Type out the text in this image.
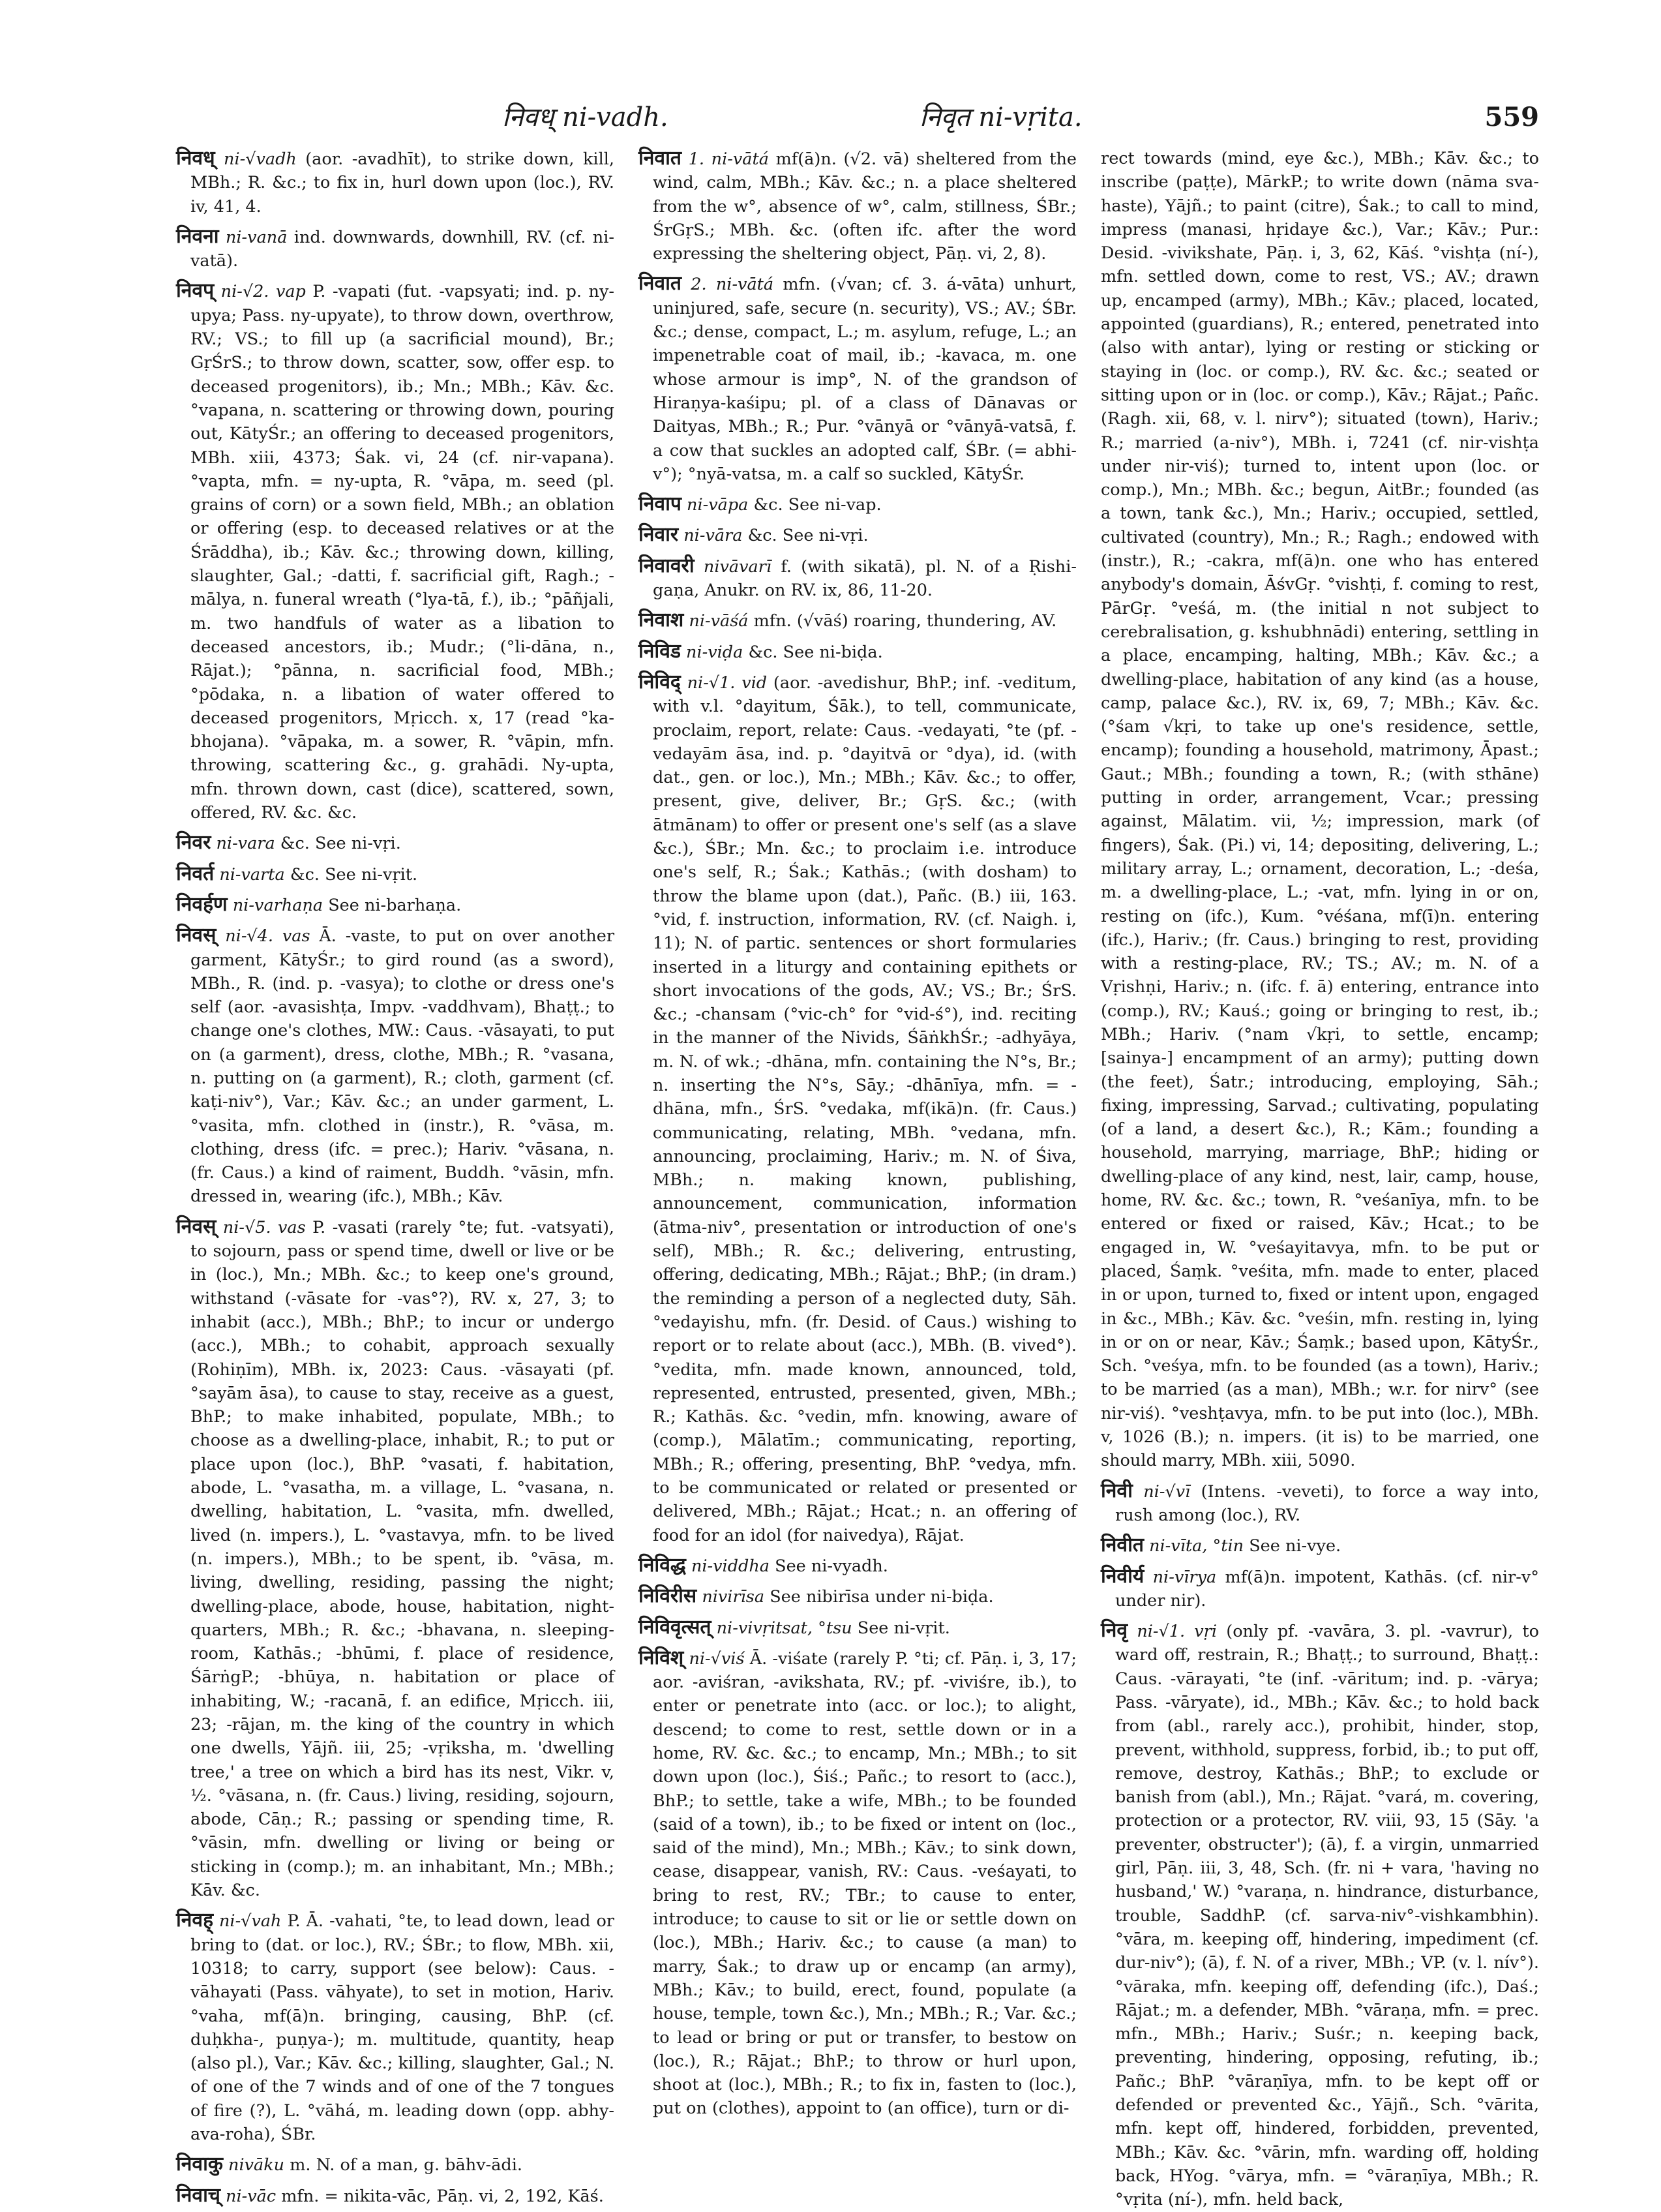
निवध् ni-vadh.	निवृत ni-vṛita.	559

निवध् ni-√vadh (aor. -avadhīt), to strike down, kill, MBh.; R. &c.; to fix in, hurl down upon (loc.), RV. iv, 41, 4.

निवना ni-vanā ind. downwards, downhill, RV. (cf. ni-vatā).

निवप् ni-√2. vap P. -vapati (fut. -vapsyati; ind. p. ny-upya; Pass. ny-upyate), to throw down, overthrow, RV.; VS.; to fill up (a sacrificial mound), Br.; GṛŚrS.; to throw down, scatter, sow, offer esp. to deceased progenitors), ib.; Mn.; MBh.; Kāv. &c. °vapana, n. scattering or throwing down, pouring out, KātyŚr.; an offering to deceased progenitors, MBh. xiii, 4373; Śak. vi, 24 (cf. nir-vapana). °vapta, mfn. = ny-upta, R. °vāpa, m. seed (pl. grains of corn) or a sown field, MBh.; an oblation or offering (esp. to deceased relatives or at the Śrāddha), ib.; Kāv. &c.; throwing down, killing, slaughter, Gal.; -datti, f. sacrificial gift, Ragh.; -mālya, n. funeral wreath (°lya-tā, f.), ib.; °pāñjali, m. two handfuls of water as a libation to deceased ancestors, ib.; Mudr.; (°li-dāna, n., Rājat.); °pānna, n. sacrificial food, MBh.; °pōdaka, n. a libation of water offered to deceased progenitors, Mṛicch. x, 17 (read °ka-bhojana). °vāpaka, m. a sower, R. °vāpin, mfn. throwing, scattering &c., g. grahādi. Ny-upta, mfn. thrown down, cast (dice), scattered, sown, offered, RV. &c. &c.

निवर ni-vara &c. See ni-vṛi.

निवर्त ni-varta &c. See ni-vṛit.

निवर्हण ni-varhaṇa See ni-barhaṇa.

निवस् ni-√4. vas Ā. -vaste, to put on over another garment, KātyŚr.; to gird round (as a sword), MBh., R. (ind. p. -vasya); to clothe or dress one's self (aor. -avasishṭa, Impv. -vaddhvam), Bhaṭṭ.; to change one's clothes, MW.: Caus. -vāsayati, to put on (a garment), dress, clothe, MBh.; R. °vasana, n. putting on (a garment), R.; cloth, garment (cf. kaṭi-niv°), Var.; Kāv. &c.; an under garment, L. °vasita, mfn. clothed in (instr.), R. °vāsa, m. clothing, dress (ifc. = prec.); Hariv. °vāsana, n. (fr. Caus.) a kind of raiment, Buddh. °vāsin, mfn. dressed in, wearing (ifc.), MBh.; Kāv.

निवस् ni-√5. vas P. -vasati (rarely °te; fut. -vatsyati), to sojourn, pass or spend time, dwell or live or be in (loc.), Mn.; MBh. &c.; to keep one's ground, withstand (-vāsate for -vas°?), RV. x, 27, 3; to inhabit (acc.), MBh.; BhP.; to incur or undergo (acc.), MBh.; to cohabit, approach sexually (Rohiṇīm), MBh. ix, 2023: Caus. -vāsayati (pf. °sayām āsa), to cause to stay, receive as a guest, BhP.; to make inhabited, populate, MBh.; to choose as a dwelling-place, inhabit, R.; to put or place upon (loc.), BhP. °vasati, f. habitation, abode, L. °vasatha, m. a village, L. °vasana, n. dwelling, habitation, L. °vasita, mfn. dwelled, lived (n. impers.), L. °vastavya, mfn. to be lived (n. impers.), MBh.; to be spent, ib. °vāsa, m. living, dwelling, residing, passing the night; dwelling-place, abode, house, habitation, night-quarters, MBh.; R. &c.; -bhavana, n. sleeping-room, Kathās.; -bhūmi, f. place of residence, ŚārṅgP.; -bhūya, n. habitation or place of inhabiting, W.; -racanā, f. an edifice, Mṛicch. iii, 23; -rājan, m. the king of the country in which one dwells, Yājñ. iii, 25; -vṛiksha, m. 'dwelling tree,' a tree on which a bird has its nest, Vikr. v, ½. °vāsana, n. (fr. Caus.) living, residing, sojourn, abode, Cāṇ.; R.; passing or spending time, R. °vāsin, mfn. dwelling or living or being or sticking in (comp.); m. an inhabitant, Mn.; MBh.; Kāv. &c.

निवह् ni-√vah P. Ā. -vahati, °te, to lead down, lead or bring to (dat. or loc.), RV.; ŚBr.; to flow, MBh. xii, 10318; to carry, support (see below): Caus. -vāhayati (Pass. vāhyate), to set in motion, Hariv. °vaha, mf(ā)n. bringing, causing, BhP. (cf. duḥkha-, puṇya-); m. multitude, quantity, heap (also pl.), Var.; Kāv. &c.; killing, slaughter, Gal.; N. of one of the 7 winds and of one of the 7 tongues of fire (?), L. °vāhá, m. leading down (opp. abhy-ava-roha), ŚBr.

निवाकु nivāku m. N. of a man, g. bāhv-ādi.

निवाच् ni-vāc mfn. = nikita-vāc, Pāṇ. vi, 2, 192, Kāś.

निवात 1. ni-vātá mf(ā)n. (√2. vā) sheltered from the wind, calm, MBh.; Kāv. &c.; n. a place sheltered from the w°, absence of w°, calm, stillness, ŚBr.; ŚrGṛS.; MBh. &c. (often ifc. after the word expressing the sheltering object, Pāṇ. vi, 2, 8).

निवात 2. ni-vātá mfn. (√van; cf. 3. á-vāta) unhurt, uninjured, safe, secure (n. security), VS.; AV.; ŚBr. &c.; dense, compact, L.; m. asylum, refuge, L.; an impenetrable coat of mail, ib.; -kavaca, m. one whose armour is imp°, N. of the grandson of Hiraṇya-kaśipu; pl. of a class of Dānavas or Daityas, MBh.; R.; Pur. °vānyā or °vānyā-vatsā, f. a cow that suckles an adopted calf, ŚBr. (= abhi-v°); °nyā-vatsa, m. a calf so suckled, KātyŚr.

निवाप ni-vāpa &c. See ni-vap.

निवार ni-vāra &c. See ni-vṛi.

निवावरी nivāvarī f. (with sikatā), pl. N. of a Ṛishi-gaṇa, Anukr. on RV. ix, 86, 11-20.

निवाश ni-vāśá mfn. (√vāś) roaring, thundering, AV.

निविड ni-viḍa &c. See ni-biḍa.

निविद् ni-√1. vid (aor. -avedishur, BhP.; inf. -veditum, with v.l. °dayitum, Śāk.), to tell, communicate, proclaim, report, relate: Caus. -vedayati, °te (pf. -vedayām āsa, ind. p. °dayitvā or °dya), id. (with dat., gen. or loc.), Mn.; MBh.; Kāv. &c.; to offer, present, give, deliver, Br.; GṛS. &c.; (with ātmānam) to offer or present one's self (as a slave &c.), ŚBr.; Mn. &c.; to proclaim i.e. introduce one's self, R.; Śak.; Kathās.; (with dosham) to throw the blame upon (dat.), Pañc. (B.) iii, 163. °vid, f. instruction, information, RV. (cf. Naigh. i, 11); N. of partic. sentences or short formularies inserted in a liturgy and containing epithets or short invocations of the gods, AV.; VS.; Br.; ŚrS. &c.; -chansam (°vic-ch° for °vid-ś°), ind. reciting in the manner of the Nivids, ŚāṅkhŚr.; -adhyāya, m. N. of wk.; -dhāna, mfn. containing the N°s, Br.; n. inserting the N°s, Sāy.; -dhānīya, mfn. = -dhāna, mfn., ŚrS. °vedaka, mf(ikā)n. (fr. Caus.) communicating, relating, MBh. °vedana, mfn. announcing, proclaiming, Hariv.; m. N. of Śiva, MBh.; n. making known, publishing, announcement, communication, information (ātma-niv°, presentation or introduction of one's self), MBh.; R. &c.; delivering, entrusting, offering, dedicating, MBh.; Rājat.; BhP.; (in dram.) the reminding a person of a neglected duty, Sāh. °vedayishu, mfn. (fr. Desid. of Caus.) wishing to report or to relate about (acc.), MBh. (B. vived°). °vedita, mfn. made known, announced, told, represented, entrusted, presented, given, MBh.; R.; Kathās. &c. °vedin, mfn. knowing, aware of (comp.), Mālatīm.; communicating, reporting, MBh.; R.; offering, presenting, BhP. °vedya, mfn. to be communicated or related or presented or delivered, MBh.; Rājat.; Hcat.; n. an offering of food for an idol (for naivedya), Rājat.

निविद्ध ni-viddha See ni-vyadh.

निविरीस nivirīsa See nibirīsa under ni-biḍa.

निविवृत्सत् ni-vivṛitsat, °tsu See ni-vṛit.

निविश् ni-√viś Ā. -viśate (rarely P. °ti; cf. Pāṇ. i, 3, 17; aor. -aviśran, -avikshata, RV.; pf. -viviśre, ib.), to enter or penetrate into (acc. or loc.); to alight, descend; to come to rest, settle down or in a home, RV. &c. &c.; to encamp, Mn.; MBh.; to sit down upon (loc.), Śiś.; Pañc.; to resort to (acc.), BhP.; to settle, take a wife, MBh.; to be founded (said of a town), ib.; to be fixed or intent on (loc., said of the mind), Mn.; MBh.; Kāv.; to sink down, cease, disappear, vanish, RV.: Caus. -veśayati, to bring to rest, RV.; TBr.; to cause to enter, introduce; to cause to sit or lie or settle down on (loc.), MBh.; Hariv. &c.; to cause (a man) to marry, Śak.; to draw up or encamp (an army), MBh.; Kāv.; to build, erect, found, populate (a house, temple, town &c.), Mn.; MBh.; R.; Var. &c.; to lead or bring or put or transfer, to bestow on (loc.), R.; Rājat.; BhP.; to throw or hurl upon, shoot at (loc.), MBh.; R.; to fix in, fasten to (loc.), put on (clothes), appoint to (an office), turn or di-

rect towards (mind, eye &c.), MBh.; Kāv. &c.; to inscribe (paṭṭe), MārkP.; to write down (nāma sva-haste), Yājñ.; to paint (citre), Śak.; to call to mind, impress (manasi, hṛidaye &c.), Var.; Kāv.; Pur.: Desid. -vivikshate, Pāṇ. i, 3, 62, Kāś. °vishṭa (ní-), mfn. settled down, come to rest, VS.; AV.; drawn up, encamped (army), MBh.; Kāv.; placed, located, appointed (guardians), R.; entered, penetrated into (also with antar), lying or resting or sticking or staying in (loc. or comp.), RV. &c. &c.; seated or sitting upon or in (loc. or comp.), Kāv.; Rājat.; Pañc. (Ragh. xii, 68, v. l. nirv°); situated (town), Hariv.; R.; married (a-niv°), MBh. i, 7241 (cf. nir-vishṭa under nir-viś); turned to, intent upon (loc. or comp.), Mn.; MBh. &c.; begun, AitBr.; founded (as a town, tank &c.), Mn.; Hariv.; occupied, settled, cultivated (country), Mn.; R.; Ragh.; endowed with (instr.), R.; -cakra, mf(ā)n. one who has entered anybody's domain, ĀśvGṛ. °vishṭi, f. coming to rest, PārGṛ. °veśá, m. (the initial n not subject to cerebralisation, g. kshubhnādi) entering, settling in a place, encamping, halting, MBh.; Kāv. &c.; a dwelling-place, habitation of any kind (as a house, camp, palace &c.), RV. ix, 69, 7; MBh.; Kāv. &c. (°śam √kṛi, to take up one's residence, settle, encamp); founding a household, matrimony, Āpast.; Gaut.; MBh.; founding a town, R.; (with sthāne) putting in order, arrangement, Vcar.; pressing against, Mālatim. vii, ½; impression, mark (of fingers), Śak. (Pi.) vi, 14; depositing, delivering, L.; military array, L.; ornament, decoration, L.; -deśa, m. a dwelling-place, L.; -vat, mfn. lying in or on, resting on (ifc.), Kum. °véśana, mf(ī)n. entering (ifc.), Hariv.; (fr. Caus.) bringing to rest, providing with a resting-place, RV.; TS.; AV.; m. N. of a Vṛishṇi, Hariv.; n. (ifc. f. ā) entering, entrance into (comp.), RV.; Kauś.; going or bringing to rest, ib.; MBh.; Hariv. (°nam √kṛi, to settle, encamp; [sainya-] encampment of an army); putting down (the feet), Śatr.; introducing, employing, Sāh.; fixing, impressing, Sarvad.; cultivating, populating (of a land, a desert &c.), R.; Kām.; founding a household, marrying, marriage, BhP.; hiding or dwelling-place of any kind, nest, lair, camp, house, home, RV. &c. &c.; town, R. °veśanīya, mfn. to be entered or fixed or raised, Kāv.; Hcat.; to be engaged in, W. °veśayitavya, mfn. to be put or placed, Śaṃk. °veśita, mfn. made to enter, placed in or upon, turned to, fixed or intent upon, engaged in &c., MBh.; Kāv. &c. °veśin, mfn. resting in, lying in or on or near, Kāv.; Śaṃk.; based upon, KātyŚr., Sch. °veśya, mfn. to be founded (as a town), Hariv.; to be married (as a man), MBh.; w.r. for nirv° (see nir-viś). °veshṭavya, mfn. to be put into (loc.), MBh. v, 1026 (B.); n. impers. (it is) to be married, one should marry, MBh. xiii, 5090.

निवी ni-√vī (Intens. -veveti), to force a way into, rush among (loc.), RV.

निवीत ni-vīta, °tin See ni-vye.

निवीर्य ni-vīrya mf(ā)n. impotent, Kathās. (cf. nir-v° under nir).

निवृ ni-√1. vṛi (only pf. -vavāra, 3. pl. -vavrur), to ward off, restrain, R.; Bhaṭṭ.; to surround, Bhaṭṭ.: Caus. -vārayati, °te (inf. -vāritum; ind. p. -vārya; Pass. -vāryate), id., MBh.; Kāv. &c.; to hold back from (abl., rarely acc.), prohibit, hinder, stop, prevent, withhold, suppress, forbid, ib.; to put off, remove, destroy, Kathās.; BhP.; to exclude or banish from (abl.), Mn.; Rājat. °vará, m. covering, protection or a protector, RV. viii, 93, 15 (Sāy. 'a preventer, obstructer'); (ā), f. a virgin, unmarried girl, Pāṇ. iii, 3, 48, Sch. (fr. ni + vara, 'having no husband,' W.) °varaṇa, n. hindrance, disturbance, trouble, SaddhP. (cf. sarva-niv°-vishkambhin). °vāra, m. keeping off, hindering, impediment (cf. dur-niv°); (ā), f. N. of a river, MBh.; VP. (v. l. nív°). °vāraka, mfn. keeping off, defending (ifc.), Daś.; Rājat.; m. a defender, MBh. °vāraṇa, mfn. = prec. mfn., MBh.; Hariv.; Suśr.; n. keeping back, preventing, hindering, opposing, refuting, ib.; Pañc.; BhP. °vāraṇīya, mfn. to be kept off or defended or prevented &c., Yājñ., Sch. °vārita, mfn. kept off, hindered, forbidden, prevented, MBh.; Kāv. &c. °vārin, mfn. warding off, holding back, HYog. °vārya, mfn. = °vāraṇīya, MBh.; R. °vṛita (ní-), mfn. held back,
